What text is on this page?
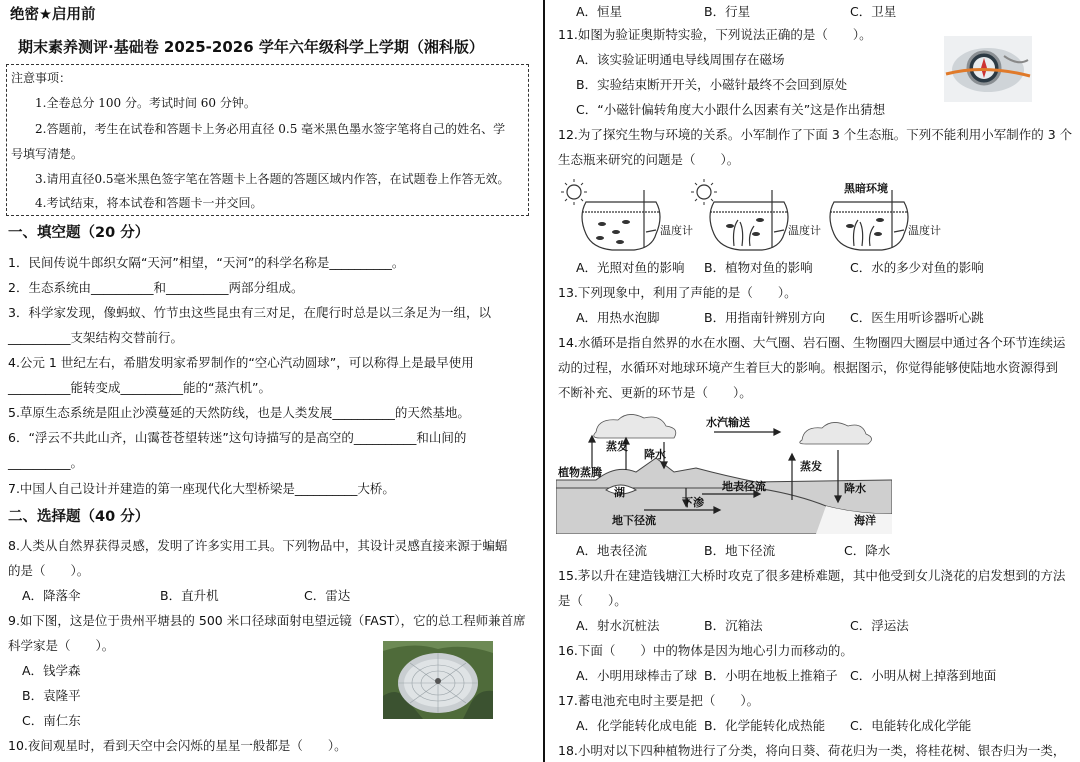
绝密★启用前
期末素养测评·基础卷 2025-2026 学年六年级科学上学期（湘科版）
注意事项：
1.全卷总分 100 分。考试时间 60 分钟。
2.答题前，考生在试卷和答题卡上务必用直径 0.5 毫米黑色墨水签字笔将自己的姓名、学
号填写清楚。
3.请用直径0.5毫米黑色签字笔在答题卡上各题的答题区域内作答，在试题卷上作答无效。
4.考试结束，将本试卷和答题卡一并交回。
一、填空题（20 分）
1．民间传说牛郎织女隔“天河”相望，“天河”的科学名称是__________。
2．生态系统由__________和__________两部分组成。
3．科学家发现，像蚂蚁、竹节虫这些昆虫有三对足，在爬行时总是以三条足为一组，以
__________支架结构交替前行。
4.公元 1 世纪左右，希腊发明家希罗制作的“空心汽动圆球”，可以称得上是最早使用
__________能转变成__________能的“蒸汽机”。
5.草原生态系统是阻止沙漠蔓延的天然防线，也是人类发展__________的天然基地。
6．“浮云不共此山齐，山霭苍苍望转迷”这句诗描写的是高空的__________和山间的
__________。
7.中国人自己设计并建造的第一座现代化大型桥梁是__________大桥。
二、选择题（40 分）
8.人类从自然界获得灵感，发明了许多实用工具。下列物品中，其设计灵感直接来源于蝙蝠
的是（　　）。
A．降落伞	B．直升机	C．雷达
9.如下图，这是位于贵州平塘县的 500 米口径球面射电望远镜（FAST），它的总工程师兼首席
科学家是（　　）。
A．钱学森
B．袁隆平
C．南仁东
10.夜间观星时，看到天空中会闪烁的星星一般都是（　　）。
A．恒星	B．行星	C．卫星
11.如图为验证奥斯特实验，下列说法正确的是（　　）。
A．该实验证明通电导线周围存在磁场
B．实验结束断开开关，小磁针最终不会回到原处
C．“小磁针偏转角度大小跟什么因素有关”这是作出猜想
12.为了探究生物与环境的关系。小军制作了下面 3 个生态瓶。下列不能利用小军制作的 3 个
生态瓶来研究的问题是（　　）。
温度计	温度计	温度计
黑暗环境
A．光照对鱼的影响 B．植物对鱼的影响	C．水的多少对鱼的影响
13.下列现象中，利用了声能的是（　　）。
A．用热水泡脚	B．用指南针辨别方向 C．医生用听诊器听心跳
14.水循环是指自然界的水在水圈、大气圈、岩石圈、生物圈四大圈层中通过各个环节连续运
动的过程，水循环对地球环境产生着巨大的影响。根据图示，你觉得能够使陆地水资源得到
不断补充、更新的环节是（　　）。
水汽输送
蒸发
降水
植物蒸腾
湖	地表径流
下渗
地下径流
蒸发
降水
海洋
A．地表径流	B．地下径流	C．降水
15.茅以升在建造钱塘江大桥时攻克了很多建桥难题，其中他受到女儿浇花的启发想到的方法
是（　　）。
A．射水沉桩法	B．沉箱法	C．浮运法
16.下面（　　）中的物体是因为地心引力而移动的。
A．小明用球棒击了球 B．小明在地板上推箱子 C．小明从树上掉落到地面
17.蓄电池充电时主要是把（　　）。
A．化学能转化成电能 B．化学能转化成热能 C．电能转化成化学能
18.小明对以下四种植物进行了分类，将向日葵、荷花归为一类，将桂花树、银杏归为一类，
